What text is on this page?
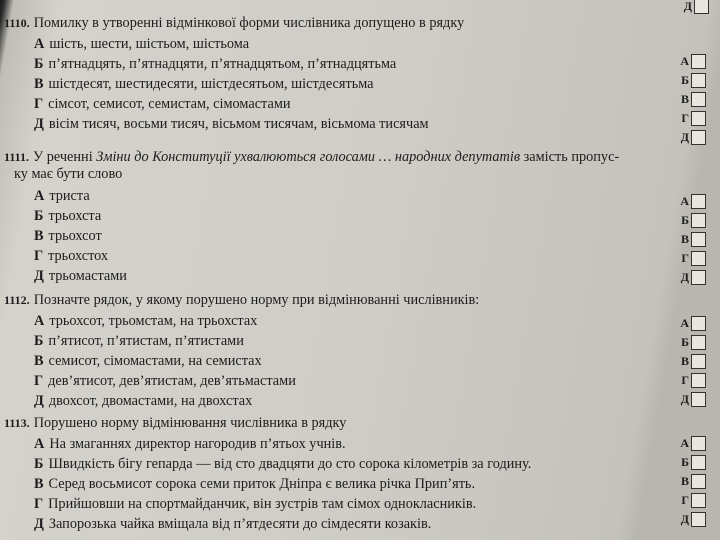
Д
1110. Помилку в утворенні відмінкової форми числівника допущено в рядку
А шість, шести, шістьом, шістьома
Б п’ятнадцять, п’ятнадцяти, п’ятнадцятьом, п’ятнадцятьма
В шістдесят, шестидесяти, шістдесятьом, шістдесятьма
Г сімсот, семисот, семистам, сімомастами
Д вісім тисяч, восьми тисяч, вісьмом тисячам, вісьмома тисячам
А
Б
В
Г
Д
1111. У реченні Зміни до Конституції ухвалюються голосами … народних депутатів замість пропус-
ку має бути слово
А триста
Б трьохста
В трьохсот
Г трьохстох
Д трьомастами
А
Б
В
Г
Д
1112. Позначте рядок, у якому порушено норму при відмінюванні числівників:
А трьохсот, трьомстам, на трьохстах
Б п’ятисот, п’ятистам, п’ятистами
В семисот, сімомастами, на семистах
Г дев’ятисот, дев’ятистам, дев’ятьмастами
Д двохсот, двомастами, на двохстах
А
Б
В
Г
Д
1113. Порушено норму відмінювання числівника в рядку
А На змаганнях директор нагородив п’ятьох учнів.
Б Швидкість бігу гепарда — від сто двадцяти до сто сорока кілометрів за годину.
В Серед восьмисот сорока семи приток Дніпра є велика річка Прип’ять.
Г Прийшовши на спортмайданчик, він зустрів там сімох однокласників.
Д Запорозька чайка вміщала від п’ятдесяти до сімдесяти козаків.
А
Б
В
Г
Д
